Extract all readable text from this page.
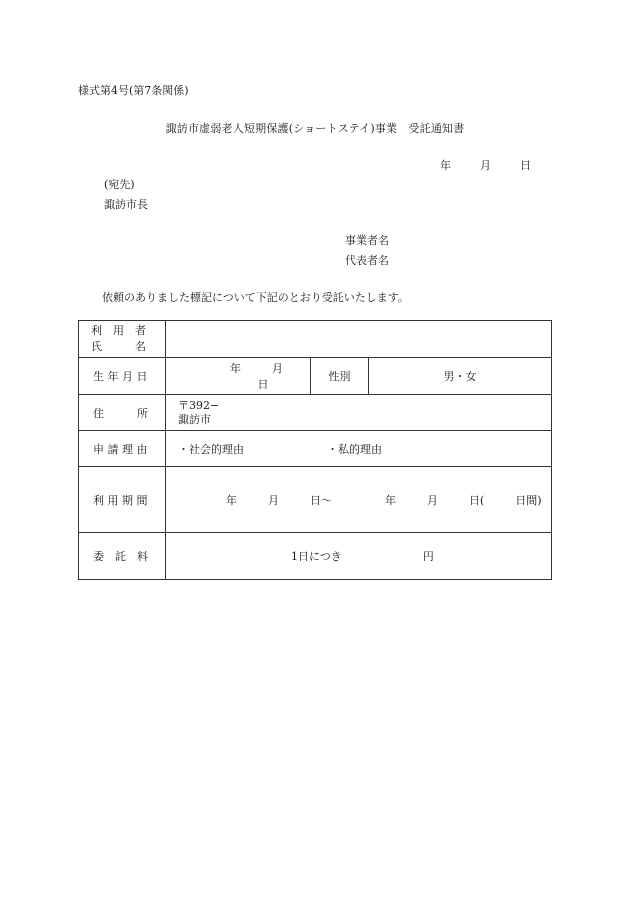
様式第4号(第7条関係)
諏訪市虚弱老人短期保護(ショートステイ)事業　受託通知書
年	月	日
(宛先)
諏訪市長
事業者名
代表者名
依頼のありました標記について下記のとおり受託いたします。
利　用　者
氏　　　名			

生 年 月 日	年 月  日	性別	男・女

住　　　所	〒392−
諏訪市		

申 請 理 由	・社会的理由 ・私的理由		

利 用 期 間	年 月 日〜 年 月 日( 日間)		

委　託　料	1日につき 円		
